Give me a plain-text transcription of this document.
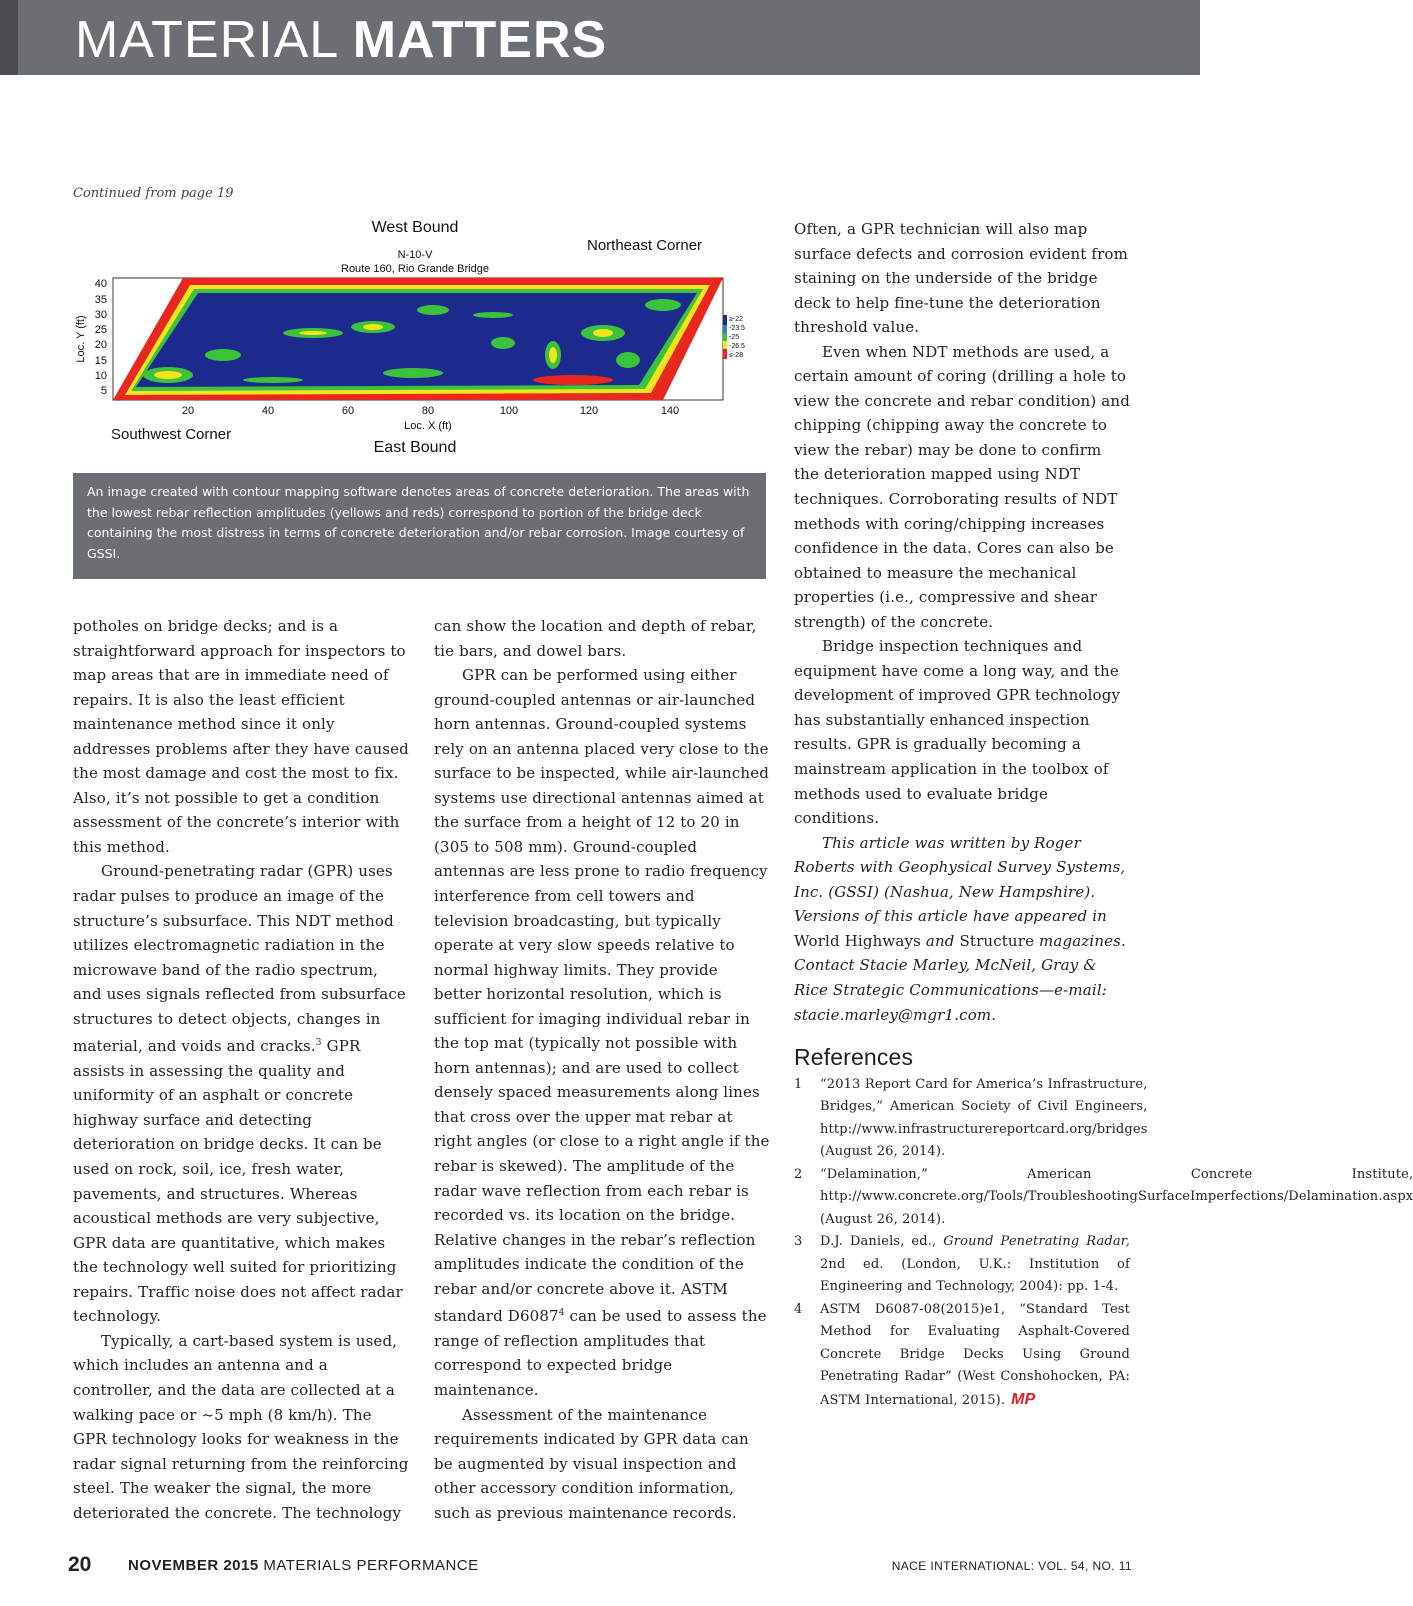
MATERIAL MATTERS
Continued from page 19
West Bound
N-10-V
Route 160, Rio Grande Bridge
Northeast Corner
40
35
30
25
20
15
10
5
Loc. Y (ft)
20	40	60	80	100	120	140
Loc. X (ft)
Southwest Corner
East Bound
≥-22
-23.5
-25
-26.5
≤-28
An image created with contour mapping software denotes areas of concrete deterioration. The areas with the lowest rebar reflection amplitudes (yellows and reds) correspond to portion of the bridge deck containing the most distress in terms of concrete deterioration and/or rebar corrosion. Image courtesy of GSSI.

potholes on bridge decks; and is a straightforward approach for inspectors to map areas that are in immediate need of repairs. It is also the least efficient maintenance method since it only addresses problems after they have caused the most damage and cost the most to fix. Also, it’s not possible to get a condition assessment of the concrete’s interior with this method.

Ground-penetrating radar (GPR) uses radar pulses to produce an image of the structure’s subsurface. This NDT method utilizes electromagnetic radiation in the microwave band of the radio spectrum, and uses signals reflected from subsurface structures to detect objects, changes in material, and voids and cracks.$^3$ GPR assists in assessing the quality and uniformity of an asphalt or concrete highway surface and detecting deterioration on bridge decks. It can be used on rock, soil, ice, fresh water, pavements, and structures. Whereas acoustical methods are very subjective, GPR data are quantitative, which makes the technology well suited for prioritizing repairs. Traffic noise does not affect radar technology.

Typically, a cart-based system is used, which includes an antenna and a controller, and the data are collected at a walking pace or ~5 mph (8 km/h). The GPR technology looks for weakness in the radar signal returning from the reinforcing steel. The weaker the signal, the more deteriorated the concrete. The technology

can show the location and depth of rebar, tie bars, and dowel bars.

GPR can be performed using either ground-coupled antennas or air-launched horn antennas. Ground-coupled systems rely on an antenna placed very close to the surface to be inspected, while air-launched systems use directional antennas aimed at the surface from a height of 12 to 20 in (305 to 508 mm). Ground-coupled antennas are less prone to radio frequency interference from cell towers and television broadcasting, but typically operate at very slow speeds relative to normal highway limits. They provide better horizontal resolution, which is sufficient for imaging individual rebar in the top mat (typically not possible with horn antennas); and are used to collect densely spaced measurements along lines that cross over the upper mat rebar at right angles (or close to a right angle if the rebar is skewed). The amplitude of the radar wave reflection from each rebar is recorded vs. its location on the bridge. Relative changes in the rebar’s reflection amplitudes indicate the condition of the rebar and/or concrete above it. ASTM standard D6087$^4$ can be used to assess the range of reflection amplitudes that correspond to expected bridge maintenance.

Assessment of the maintenance requirements indicated by GPR data can be augmented by visual inspection and other accessory condition information, such as previous maintenance records.

Often, a GPR technician will also map surface defects and corrosion evident from staining on the underside of the bridge deck to help fine-tune the deterioration threshold value.

Even when NDT methods are used, a certain amount of coring (drilling a hole to view the concrete and rebar condition) and chipping (chipping away the concrete to view the rebar) may be done to confirm the deterioration mapped using NDT techniques. Corroborating results of NDT methods with coring/chipping increases confidence in the data. Cores can also be obtained to measure the mechanical properties (i.e., compressive and shear strength) of the concrete.

Bridge inspection techniques and equipment have come a long way, and the development of improved GPR technology has substantially enhanced inspection results. GPR is gradually becoming a mainstream application in the toolbox of methods used to evaluate bridge conditions.

This article was written by Roger Roberts with Geophysical Survey Systems, Inc. (GSSI) (Nashua, New Hampshire). Versions of this article have appeared in World Highways and Structure magazines. Contact Stacie Marley, McNeil, Gray & Rice Strategic Communications—e-mail: stacie.marley@mgr1.com.

References
1	“2013 Report Card for America’s Infrastructure, Bridges,” American Society of Civil Engineers, http://www.infrastructurereportcard.org/bridges (August 26, 2014).
2	“Delamination,” American Concrete Institute, http://www.concrete.org/Tools/TroubleshootingSurfaceImperfections/Delamination.aspx (August 26, 2014).
3	D.J. Daniels, ed., Ground Penetrating Radar, 2nd ed. (London, U.K.: Institution of Engineering and Technology, 2004): pp. 1-4.
4	ASTM D6087-08(2015)e1, “Standard Test Method for Evaluating Asphalt-Covered Concrete Bridge Decks Using Ground Penetrating Radar” (West Conshohocken, PA: ASTM International, 2015). MP
20 NOVEMBER 2015 MATERIALS PERFORMANCE	NACE INTERNATIONAL: VOL. 54, NO. 11
